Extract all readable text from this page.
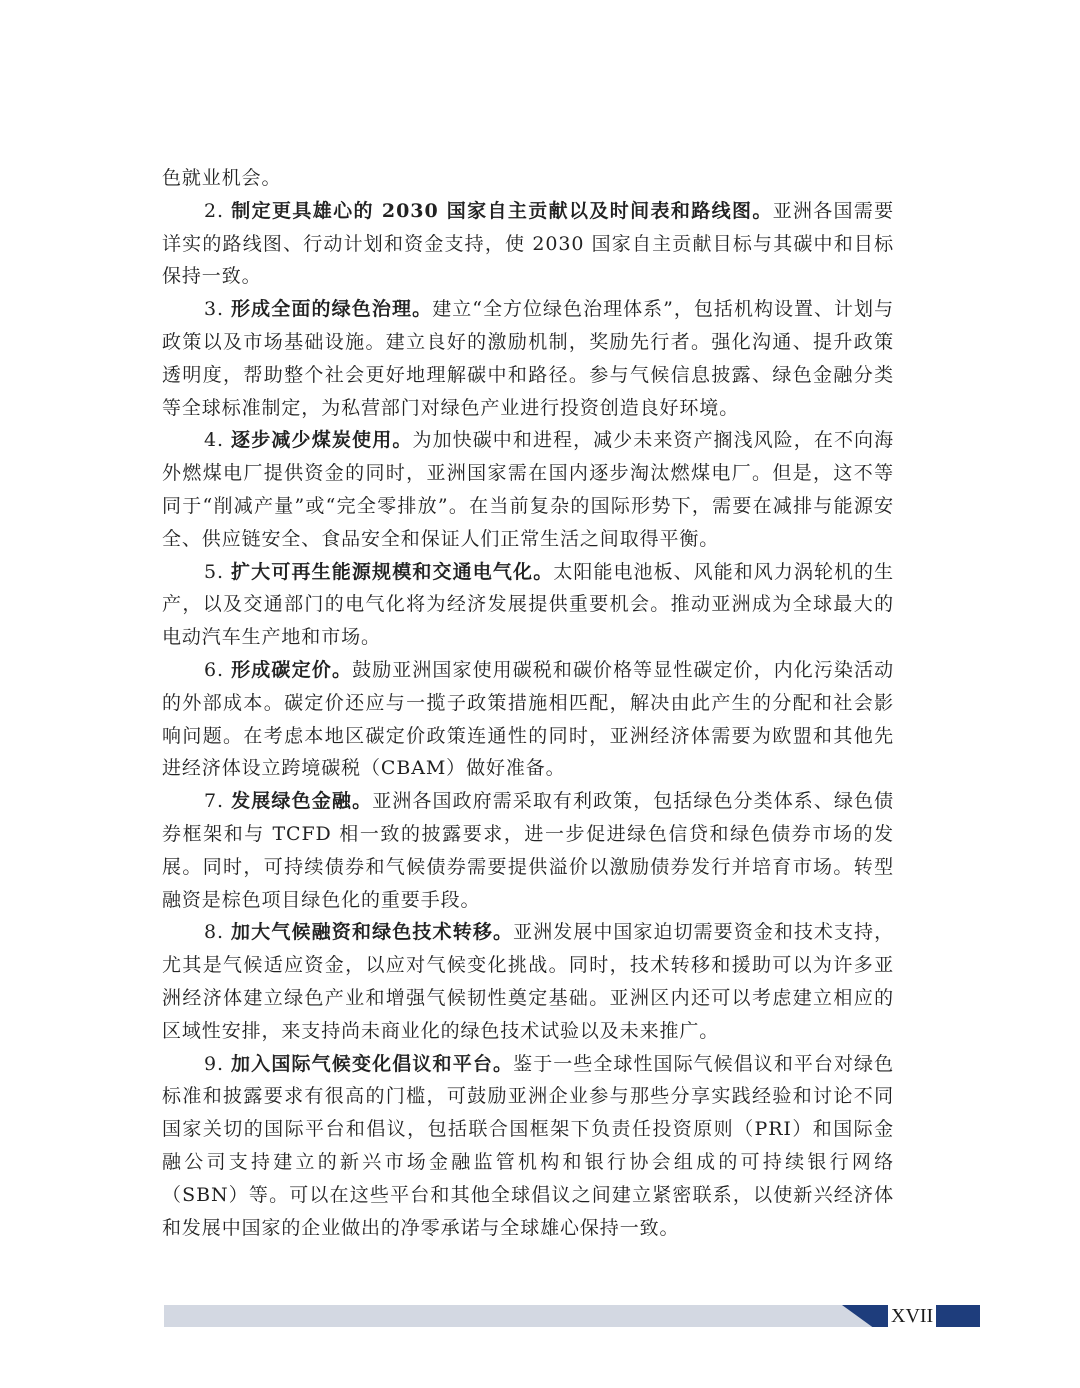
色就业机会。

2. 制定更具雄心的 2030 国家自主贡献以及时间表和路线图。亚洲各国需要详实的路线图、行动计划和资金支持，使 2030 国家自主贡献目标与其碳中和目标保持一致。

3. 形成全面的绿色治理。建立“全方位绿色治理体系”，包括机构设置、计划与政策以及市场基础设施。建立良好的激励机制，奖励先行者。强化沟通、提升政策透明度，帮助整个社会更好地理解碳中和路径。参与气候信息披露、绿色金融分类等全球标准制定，为私营部门对绿色产业进行投资创造良好环境。

4. 逐步减少煤炭使用。为加快碳中和进程，减少未来资产搁浅风险，在不向海外燃煤电厂提供资金的同时，亚洲国家需在国内逐步淘汰燃煤电厂。但是，这不等同于“削减产量”或“完全零排放”。在当前复杂的国际形势下，需要在减排与能源安全、供应链安全、食品安全和保证人们正常生活之间取得平衡。

5. 扩大可再生能源规模和交通电气化。太阳能电池板、风能和风力涡轮机的生产，以及交通部门的电气化将为经济发展提供重要机会。推动亚洲成为全球最大的电动汽车生产地和市场。

6. 形成碳定价。鼓励亚洲国家使用碳税和碳价格等显性碳定价，内化污染活动的外部成本。碳定价还应与一揽子政策措施相匹配，解决由此产生的分配和社会影响问题。在考虑本地区碳定价政策连通性的同时，亚洲经济体需要为欧盟和其他先进经济体设立跨境碳税（CBAM）做好准备。

7. 发展绿色金融。亚洲各国政府需采取有利政策，包括绿色分类体系、绿色债券框架和与 TCFD 相一致的披露要求，进一步促进绿色信贷和绿色债券市场的发展。同时，可持续债券和气候债券需要提供溢价以激励债券发行并培育市场。转型融资是棕色项目绿色化的重要手段。

8. 加大气候融资和绿色技术转移。亚洲发展中国家迫切需要资金和技术支持，尤其是气候适应资金，以应对气候变化挑战。同时，技术转移和援助可以为许多亚洲经济体建立绿色产业和增强气候韧性奠定基础。亚洲区内还可以考虑建立相应的区域性安排，来支持尚未商业化的绿色技术试验以及未来推广。

9. 加入国际气候变化倡议和平台。鉴于一些全球性国际气候倡议和平台对绿色标准和披露要求有很高的门槛，可鼓励亚洲企业参与那些分享实践经验和讨论不同国家关切的国际平台和倡议，包括联合国框架下负责任投资原则（PRI）和国际金融公司支持建立的新兴市场金融监管机构和银行协会组成的可持续银行网络（SBN）等。可以在这些平台和其他全球倡议之间建立紧密联系，以使新兴经济体和发展中国家的企业做出的净零承诺与全球雄心保持一致。

XVII
